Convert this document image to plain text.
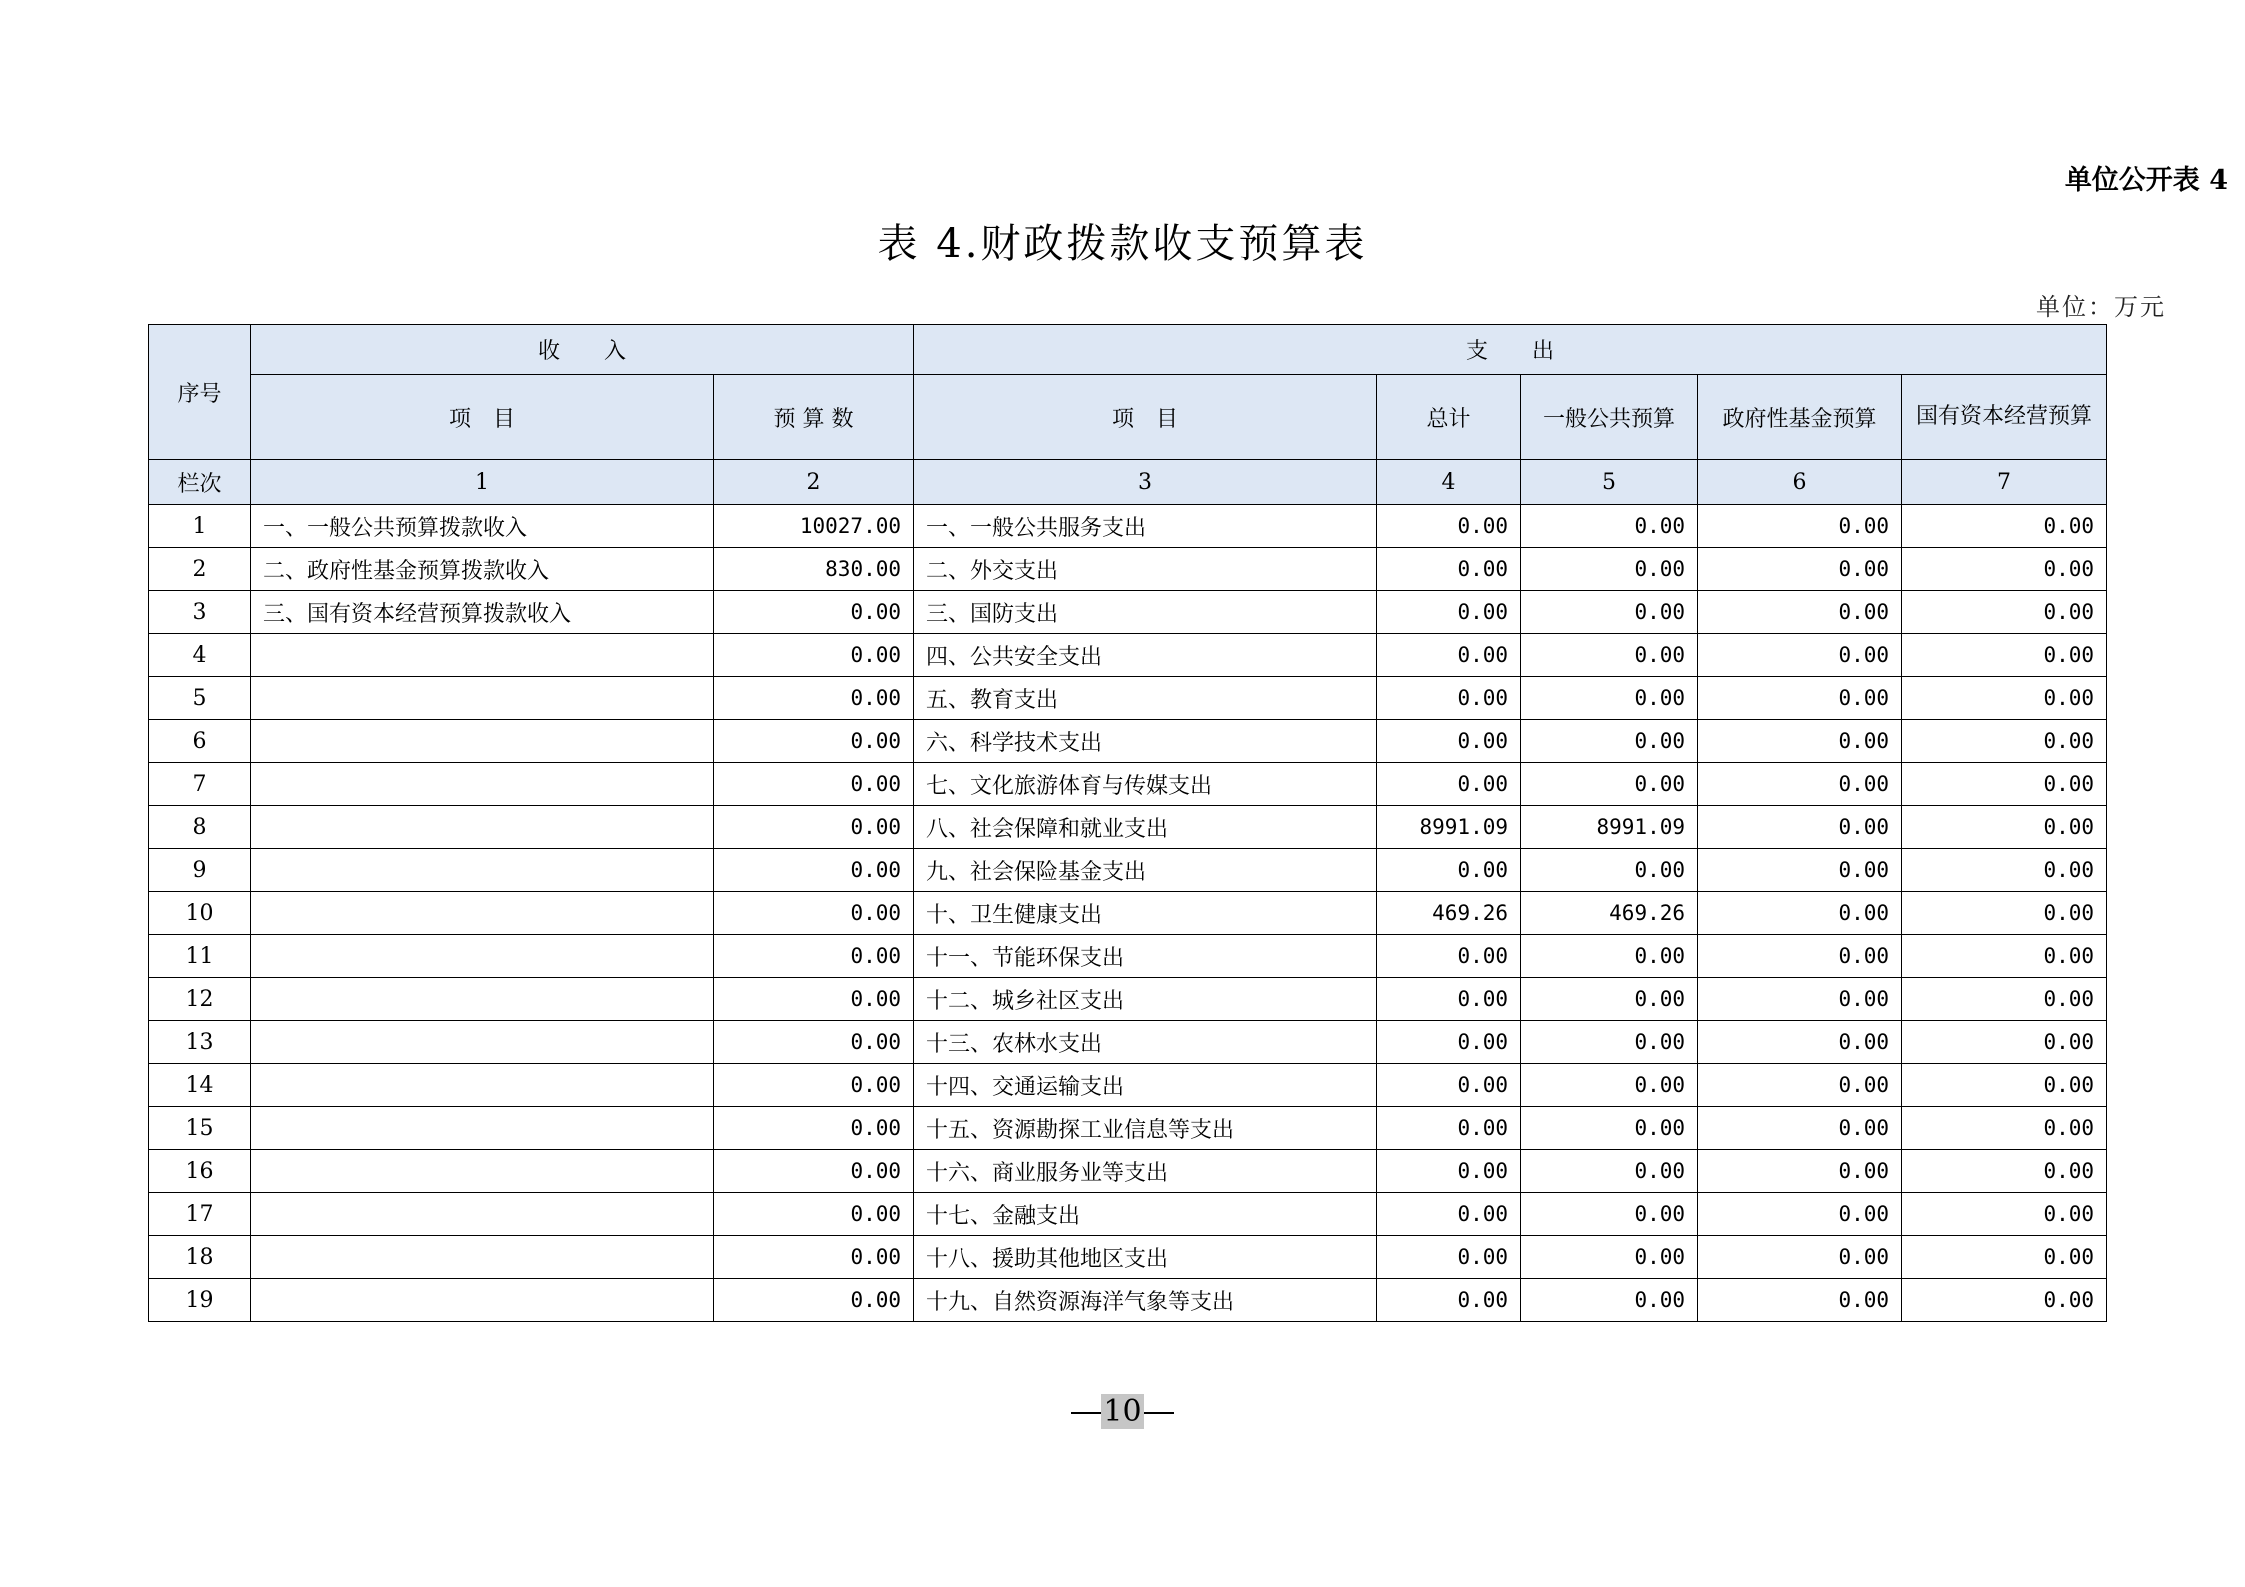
单位公开表 4
表 4.财政拨款收支预算表
单位：万元
序号	收　　入		支　　出				
	项　目	预 算 数	项　目	总计	一般公共预算	政府性基金预算	国有资本经营预算
栏次	1	2	3	4	5	6	7
1	一、一般公共预算拨款收入	10027.00	一、一般公共服务支出	0.00	0.00	0.00	0.00
2	二、政府性基金预算拨款收入	830.00	二、外交支出	0.00	0.00	0.00	0.00
3	三、国有资本经营预算拨款收入	0.00	三、国防支出	0.00	0.00	0.00	0.00
4		0.00	四、公共安全支出	0.00	0.00	0.00	0.00
5		0.00	五、教育支出	0.00	0.00	0.00	0.00
6		0.00	六、科学技术支出	0.00	0.00	0.00	0.00
7		0.00	七、文化旅游体育与传媒支出	0.00	0.00	0.00	0.00
8		0.00	八、社会保障和就业支出	8991.09	8991.09	0.00	0.00
9		0.00	九、社会保险基金支出	0.00	0.00	0.00	0.00
10		0.00	十、卫生健康支出	469.26	469.26	0.00	0.00
11		0.00	十一、节能环保支出	0.00	0.00	0.00	0.00
12		0.00	十二、城乡社区支出	0.00	0.00	0.00	0.00
13		0.00	十三、农林水支出	0.00	0.00	0.00	0.00
14		0.00	十四、交通运输支出	0.00	0.00	0.00	0.00
15		0.00	十五、资源勘探工业信息等支出	0.00	0.00	0.00	0.00
16		0.00	十六、商业服务业等支出	0.00	0.00	0.00	0.00
17		0.00	十七、金融支出	0.00	0.00	0.00	0.00
18		0.00	十八、援助其他地区支出	0.00	0.00	0.00	0.00
19		0.00	十九、自然资源海洋气象等支出	0.00	0.00	0.00	0.00
10
